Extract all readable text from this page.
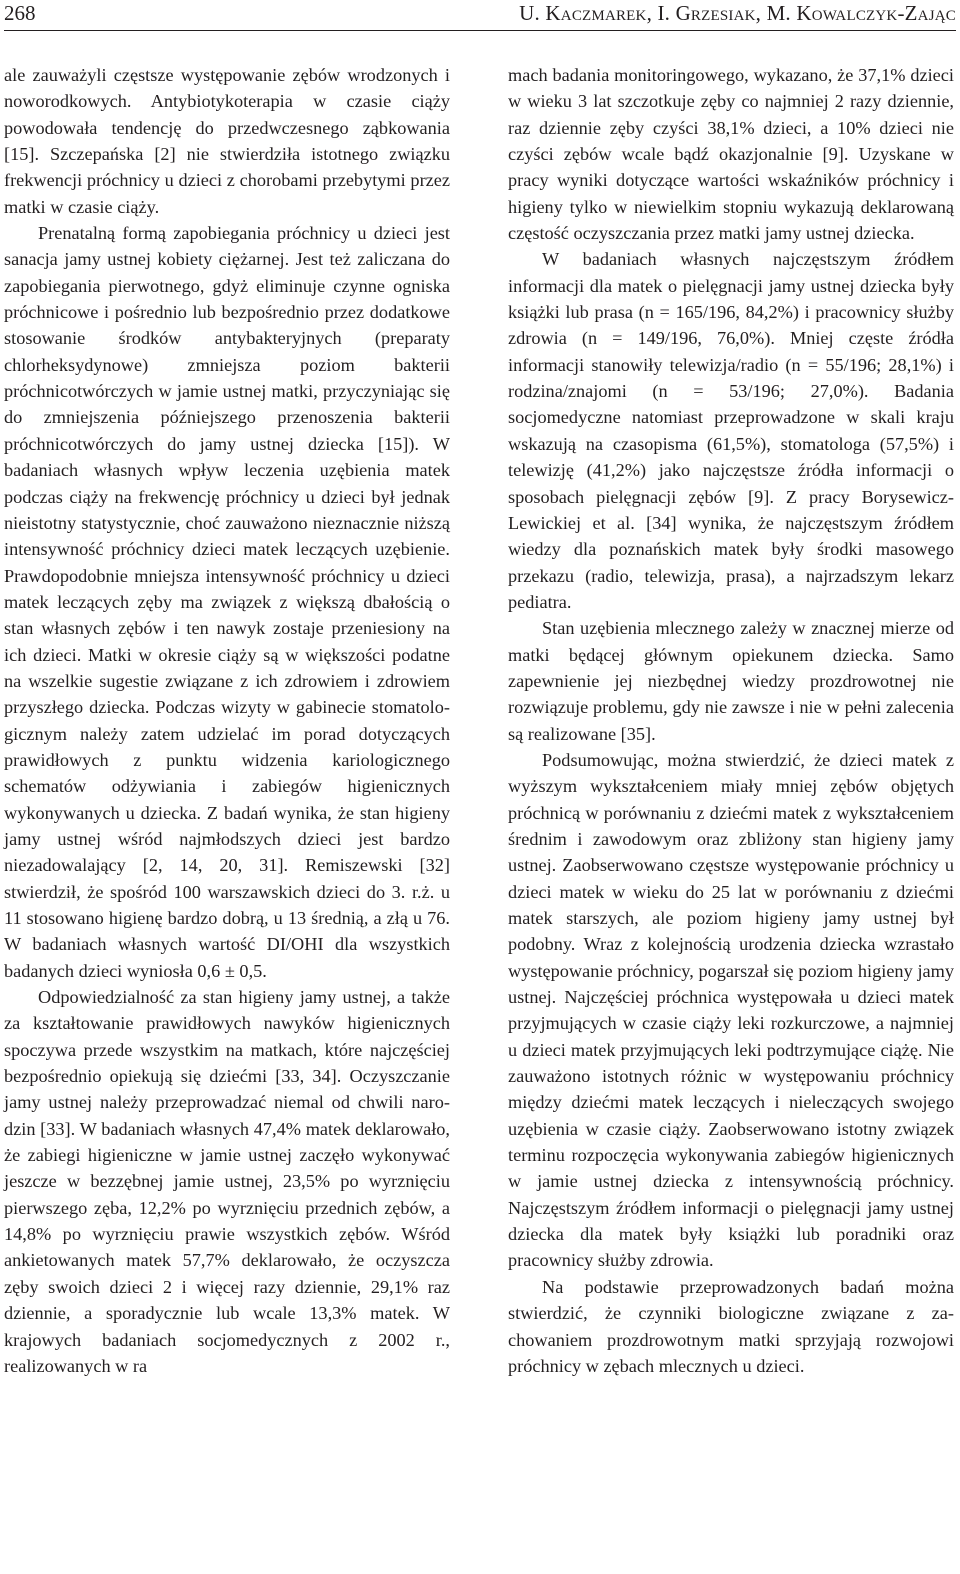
268	U. Kaczmarek, I. Grzesiak, M. Kowalczyk-Zając

ale zauważyli częstsze występowanie zębów wrodzonych i noworodkowych. Antybiotykoterapia w czasie ciąży powodowała tendencję do przedwczesnego ząbkowania [15]. Szczepańska [2] nie stwierdziła istotnego związku frekwencji próchnicy u dzieci z chorobami przebytymi przez matki w czasie ciąży.

Prenatalną formą zapobiegania próchnicy u dzieci jest sanacja jamy ustnej kobiety ciężarnej. Jest też zaliczana do zapobiegania pierwotnego, gdyż eliminuje czynne ogniska próchnicowe i pośrednio lub bezpośrednio przez dodatkowe stosowanie środków antybakteryjnych (preparaty chlorheksydynowe) zmniejsza poziom bakterii próchnicotwórczych w jamie ustnej matki, przyczyniając się do zmniejszenia późniejszego przenoszenia bakterii próchnicotwórczych do jamy ustnej dziecka [15]). W badaniach własnych wpływ leczenia uzębienia matek podczas ciąży na frekwencję próchnicy u dzieci był jednak nieistotny statystycznie, choć zauważono nieznacznie niższą intensywność próchnicy dzieci matek leczących uzębienie. Prawdopodobnie mniejsza intensywność próchnicy u dzieci matek leczących zęby ma związek z większą dbałością o stan własnych zębów i ten nawyk zostaje przeniesiony na ich dzieci. Matki w okresie ciąży są w większości podatne na wszelkie sugestie związane z ich zdrowiem i zdrowiem przyszłego dziecka. Podczas wizyty w gabinecie stomatologicznym należy zatem udzielać im porad dotyczących prawidłowych z punktu widzenia kariologicznego schematów odżywiania i zabiegów higienicznych wykonywanych u dziecka. Z badań wynika, że stan higieny jamy ustnej wśród najmłodszych dzieci jest bardzo niezadowalający [2, 14, 20, 31]. Remiszewski [32] stwierdził, że spośród 100 warszawskich dzieci do 3. r.ż. u 11 stosowano higienę bardzo dobrą, u 13 średnią, a złą u 76. W badaniach własnych wartość DI/OHI dla wszystkich badanych dzieci wyniosła 0,6 ± 0,5.

Odpowiedzialność za stan higieny jamy ustnej, a także za kształtowanie prawidłowych nawyków higienicznych spoczywa przede wszystkim na matkach, które najczęściej bezpośrednio opiekują się dziećmi [33, 34]. Oczyszczanie jamy ustnej należy przeprowadzać niemal od chwili narodzin [33]. W badaniach własnych 47,4% matek deklarowało, że zabiegi higieniczne w jamie ustnej zaczęło wykonywać jeszcze w bezzębnej jamie ustnej, 23,5% po wyrznięciu pierwszego zęba, 12,2% po wyrznięciu przednich zębów, a 14,8% po wyrznięciu prawie wszystkich zębów. Wśród ankietowanych matek 57,7% deklarowało, że oczyszcza zęby swoich dzieci 2 i więcej razy dziennie, 29,1% raz dziennie, a sporadycznie lub wcale 13,3% matek. W krajowych badaniach socjomedycznych z 2002 r., realizowanych w ra

mach badania monitoringowego, wykazano, że 37,1% dzieci w wieku 3 lat szczotkuje zęby co najmniej 2 razy dziennie, raz dziennie zęby czyści 38,1% dzieci, a 10% dzieci nie czyści zębów wcale bądź okazjonalnie [9]. Uzyskane w pracy wyniki dotyczące wartości wskaźników próchnicy i higieny tylko w niewielkim stopniu wykazują deklarowaną częstość oczyszczania przez matki jamy ustnej dziecka.

W badaniach własnych najczęstszym źródłem informacji dla matek o pielęgnacji jamy ustnej dziecka były książki lub prasa (n = 165/196, 84,2%) i pracownicy służby zdrowia (n = 149/196, 76,0%). Mniej częste źródła informacji stanowiły telewizja/radio (n = 55/196; 28,1%) i rodzina/znajomi (n = 53/196; 27,0%). Badania socjomedyczne natomiast przeprowadzone w skali kraju wskazują na czasopisma (61,5%), stomatologa (57,5%) i telewizję (41,2%) jako najczęstsze źródła informacji o sposobach pielęgnacji zębów [9]. Z pracy Borysewicz-Lewickiej et al. [34] wynika, że najczęstszym źródłem wiedzy dla poznańskich matek były środki masowego przekazu (radio, telewizja, prasa), a najrzadszym lekarz pediatra.

Stan uzębienia mlecznego zależy w znacznej mierze od matki będącej głównym opiekunem dziecka. Samo zapewnienie jej niezbędnej wiedzy prozdrowotnej nie rozwiązuje problemu, gdy nie zawsze i nie w pełni zalecenia są realizowane [35].

Podsumowując, można stwierdzić, że dzieci matek z wyższym wykształceniem miały mniej zębów objętych próchnicą w porównaniu z dziećmi matek z wykształceniem średnim i zawodowym oraz zbliżony stan higieny jamy ustnej. Zaobserwowano częstsze występowanie próchnicy u dzieci matek w wieku do 25 lat w porównaniu z dziećmi matek starszych, ale poziom higieny jamy ustnej był podobny. Wraz z kolejnością urodzenia dziecka wzrastało występowanie próchnicy, pogarszał się poziom higieny jamy ustnej. Najczęściej próchnica występowała u dzieci matek przyjmujących w czasie ciąży leki rozkurczowe, a najmniej u dzieci matek przyjmujących leki podtrzymujące ciążę. Nie zauważono istotnych różnic w występowaniu próchnicy między dziećmi matek leczących i nieleczących swojego uzębienia w czasie ciąży. Zaobserwowano istotny związek terminu rozpoczęcia wykonywania zabiegów higienicznych w jamie ustnej dziecka z intensywnością próchnicy. Najczęstszym źródłem informacji o pielęgnacji jamy ustnej dziecka dla matek były książki lub poradniki oraz pracownicy służby zdrowia.

Na podstawie przeprowadzonych badań można stwierdzić, że czynniki biologiczne związane z zachowaniem prozdrowotnym matki sprzyjają rozwojowi próchnicy w zębach mlecznych u dzieci.
